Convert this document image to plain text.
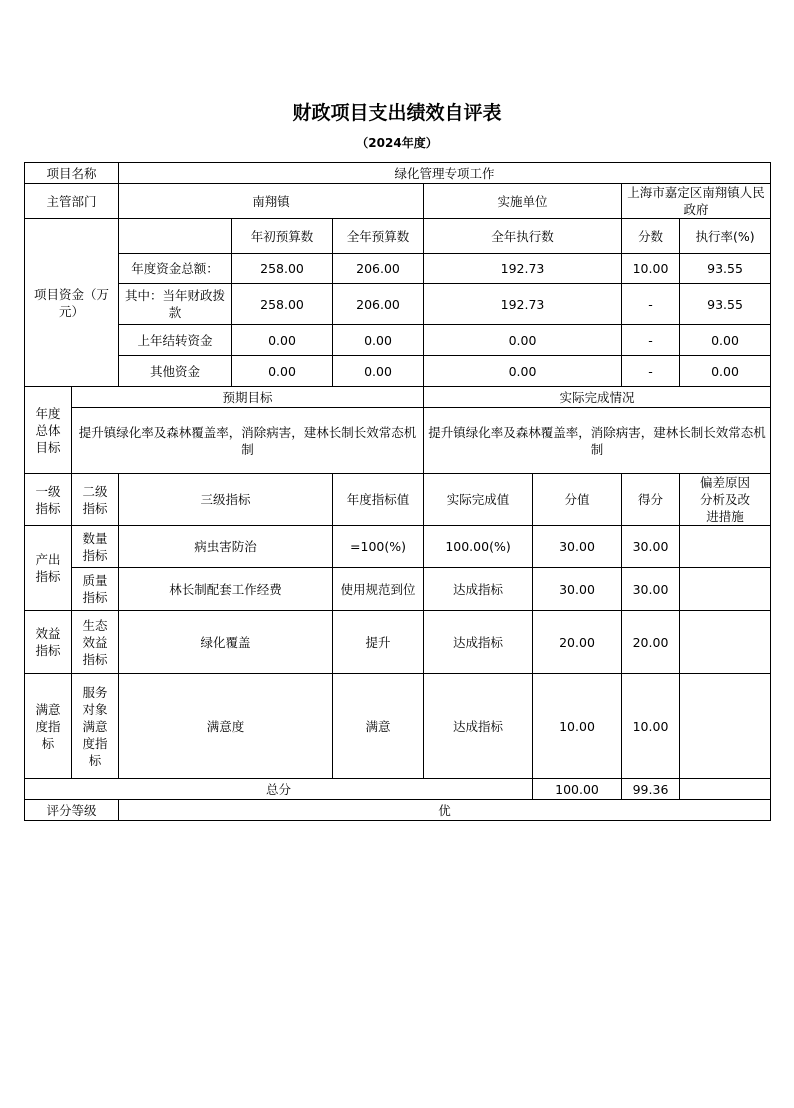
财政项目支出绩效自评表
（2024年度）
项目名称		绿化管理专项工作							
主管部门		南翔镇			实施单位		上海市嘉定区南翔镇人民政府		
项目资金（万元）			年初预算数	全年预算数	全年执行数		分数	执行率(%)	
		年度资金总额：	258.00	206.00	192.73		10.00	93.55	
		其中：当年财政拨款	258.00	206.00	192.73		-	93.55	
		上年结转资金	0.00	0.00	0.00		-	0.00	
		其他资金	0.00	0.00	0.00		-	0.00	
年度总体目标	预期目标				实际完成情况				
	提升镇绿化率及森林覆盖率，消除病害，建林长制长效常态机制				提升镇绿化率及森林覆盖率，消除病害，建林长制长效常态机制				
一级指标	二级指标	三级指标		年度指标值	实际完成值	分值	得分	偏差原因分析及改进措施	
产出指标	数量指标	病虫害防治		=100(%)	100.00(%)	30.00	30.00		
	质量指标	林长制配套工作经费		使用规范到位	达成指标	30.00	30.00		
效益指标	生态效益指标	绿化覆盖		提升	达成指标	20.00	20.00		
满意度指标	服务对象满意度指标	满意度		满意	达成指标	10.00	10.00		
总分						100.00	99.36		
评分等级		优							
